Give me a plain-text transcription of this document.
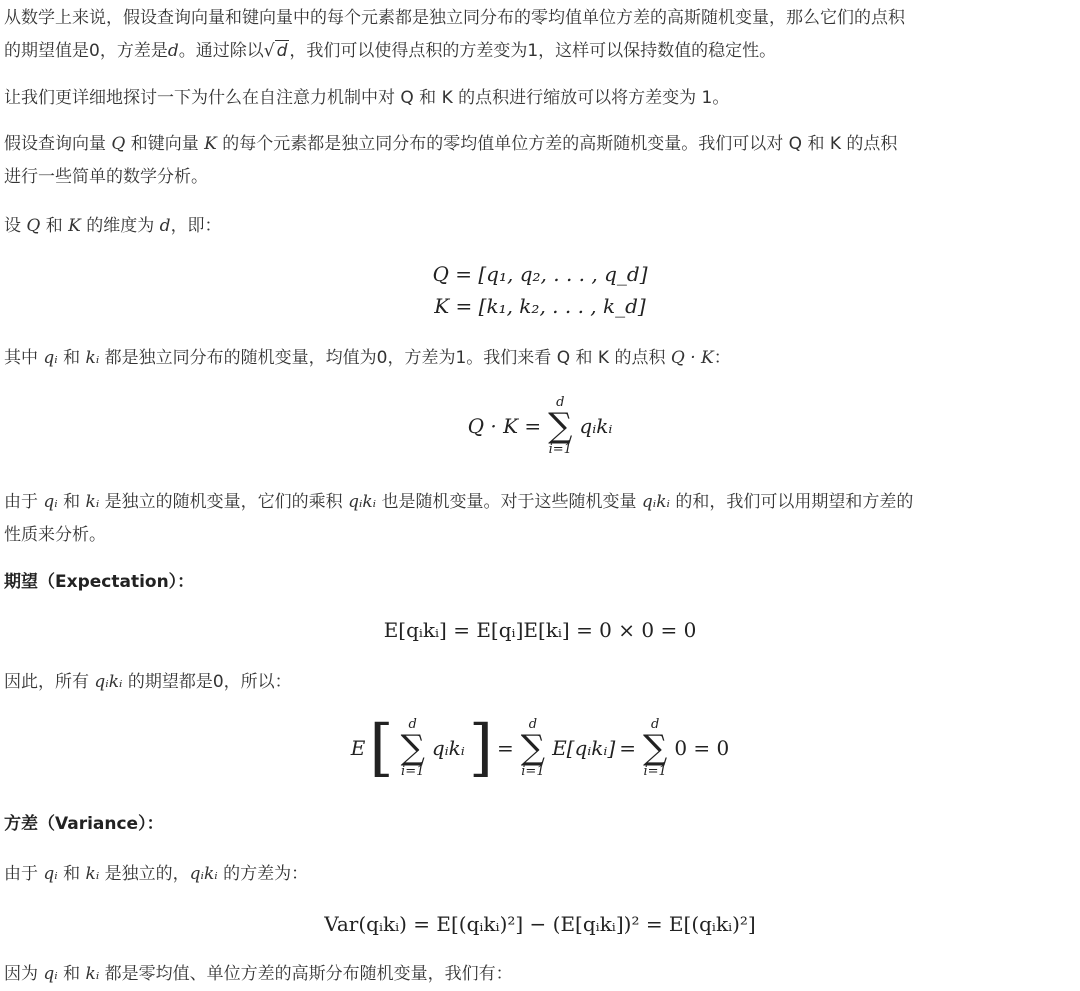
从数学上来说，假设查询向量和键向量中的每个元素都是独立同分布的零均值单位方差的高斯随机变量，那么它们的点积
的期望值是0，方差是d。通过除以√ d ，我们可以使得点积的方差变为1，这样可以保持数值的稳定性。
让我们更详细地探讨一下为什么在自注意力机制中对 Q 和 K 的点积进行缩放可以将方差变为 1。
假设查询向量 Q 和键向量 K 的每个元素都是独立同分布的零均值单位方差的高斯随机变量。我们可以对 Q 和 K 的点积
进行一些简单的数学分析。
设 Q 和 K 的维度为 d，即：
Q = [q₁, q₂, . . . , q_d]
K = [k₁, k₂, . . . , k_d]
其中 qᵢ 和 kᵢ 都是独立同分布的随机变量，均值为0，方差为1。我们来看 Q 和 K 的点积 Q · K：
Q · K =
d
∑
i=1
qᵢkᵢ
由于 qᵢ 和 kᵢ 是独立的随机变量，它们的乘积 qᵢkᵢ 也是随机变量。对于这些随机变量 qᵢkᵢ 的和，我们可以用期望和方差的
性质来分析。
期望（Expectation）：
E[qᵢkᵢ] = E[qᵢ]E[kᵢ] = 0 × 0 = 0
因此，所有 qᵢkᵢ 的期望都是0，所以：
E [ d
∑
i=1
qᵢkᵢ ] =
d
∑
i=1
E[qᵢkᵢ] =
d
∑
i=1
0 = 0
方差（Variance）：
由于 qᵢ 和 kᵢ 是独立的，qᵢkᵢ 的方差为：
Var(qᵢkᵢ) = E[(qᵢkᵢ)²] − (E[qᵢkᵢ])² = E[(qᵢkᵢ)²]
因为 qᵢ 和 kᵢ 都是零均值、单位方差的高斯分布随机变量，我们有：
